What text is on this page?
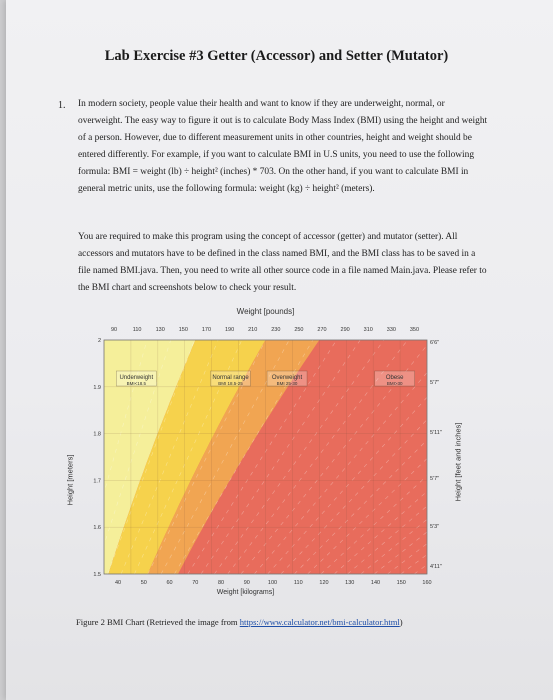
Lab Exercise #3 Getter (Accessor) and Setter (Mutator)
1. In modern society, people value their health and want to know if they are underweight, normal, or overweight. The easy way to figure it out is to calculate Body Mass Index (BMI) using the height and weight of a person. However, due to different measurement units in other countries, height and weight should be entered differently. For example, if you want to calculate BMI in U.S units, you need to use the following formula: BMI = weight (lb) ÷ height² (inches) * 703. On the other hand, if you want to calculate BMI in general metric units, use the following formula: weight (kg) ÷ height² (meters).

You are required to make this program using the concept of accessor (getter) and mutator (setter). All accessors and mutators have to be defined in the class named BMI, and the BMI class has to be saved in a file named BMI.java. Then, you need to write all other source code in a file named Main.java. Please refer to the BMI chart and screenshots below to check your result.

Weight [pounds]
90	110	130	150	170	190	210	230	250	270	290	310	330	350
40	50	60	70	80	90	100	110	120	130	140	150	160
Weight [kilograms]
2
1.9
1.8
1.7
1.6
1.5
6'6"
5'7"
5'11"
5'7"
5'3"
4'11"
Underweight
BMI<18.5
Normal range
BMI 18.5-25
Overweight
BMI 25-30
Obese
BMI>30
Height [meters]	Height [feet and inches]
Figure 2 BMI Chart (Retrieved the image from https://www.calculator.net/bmi-calculator.html)
